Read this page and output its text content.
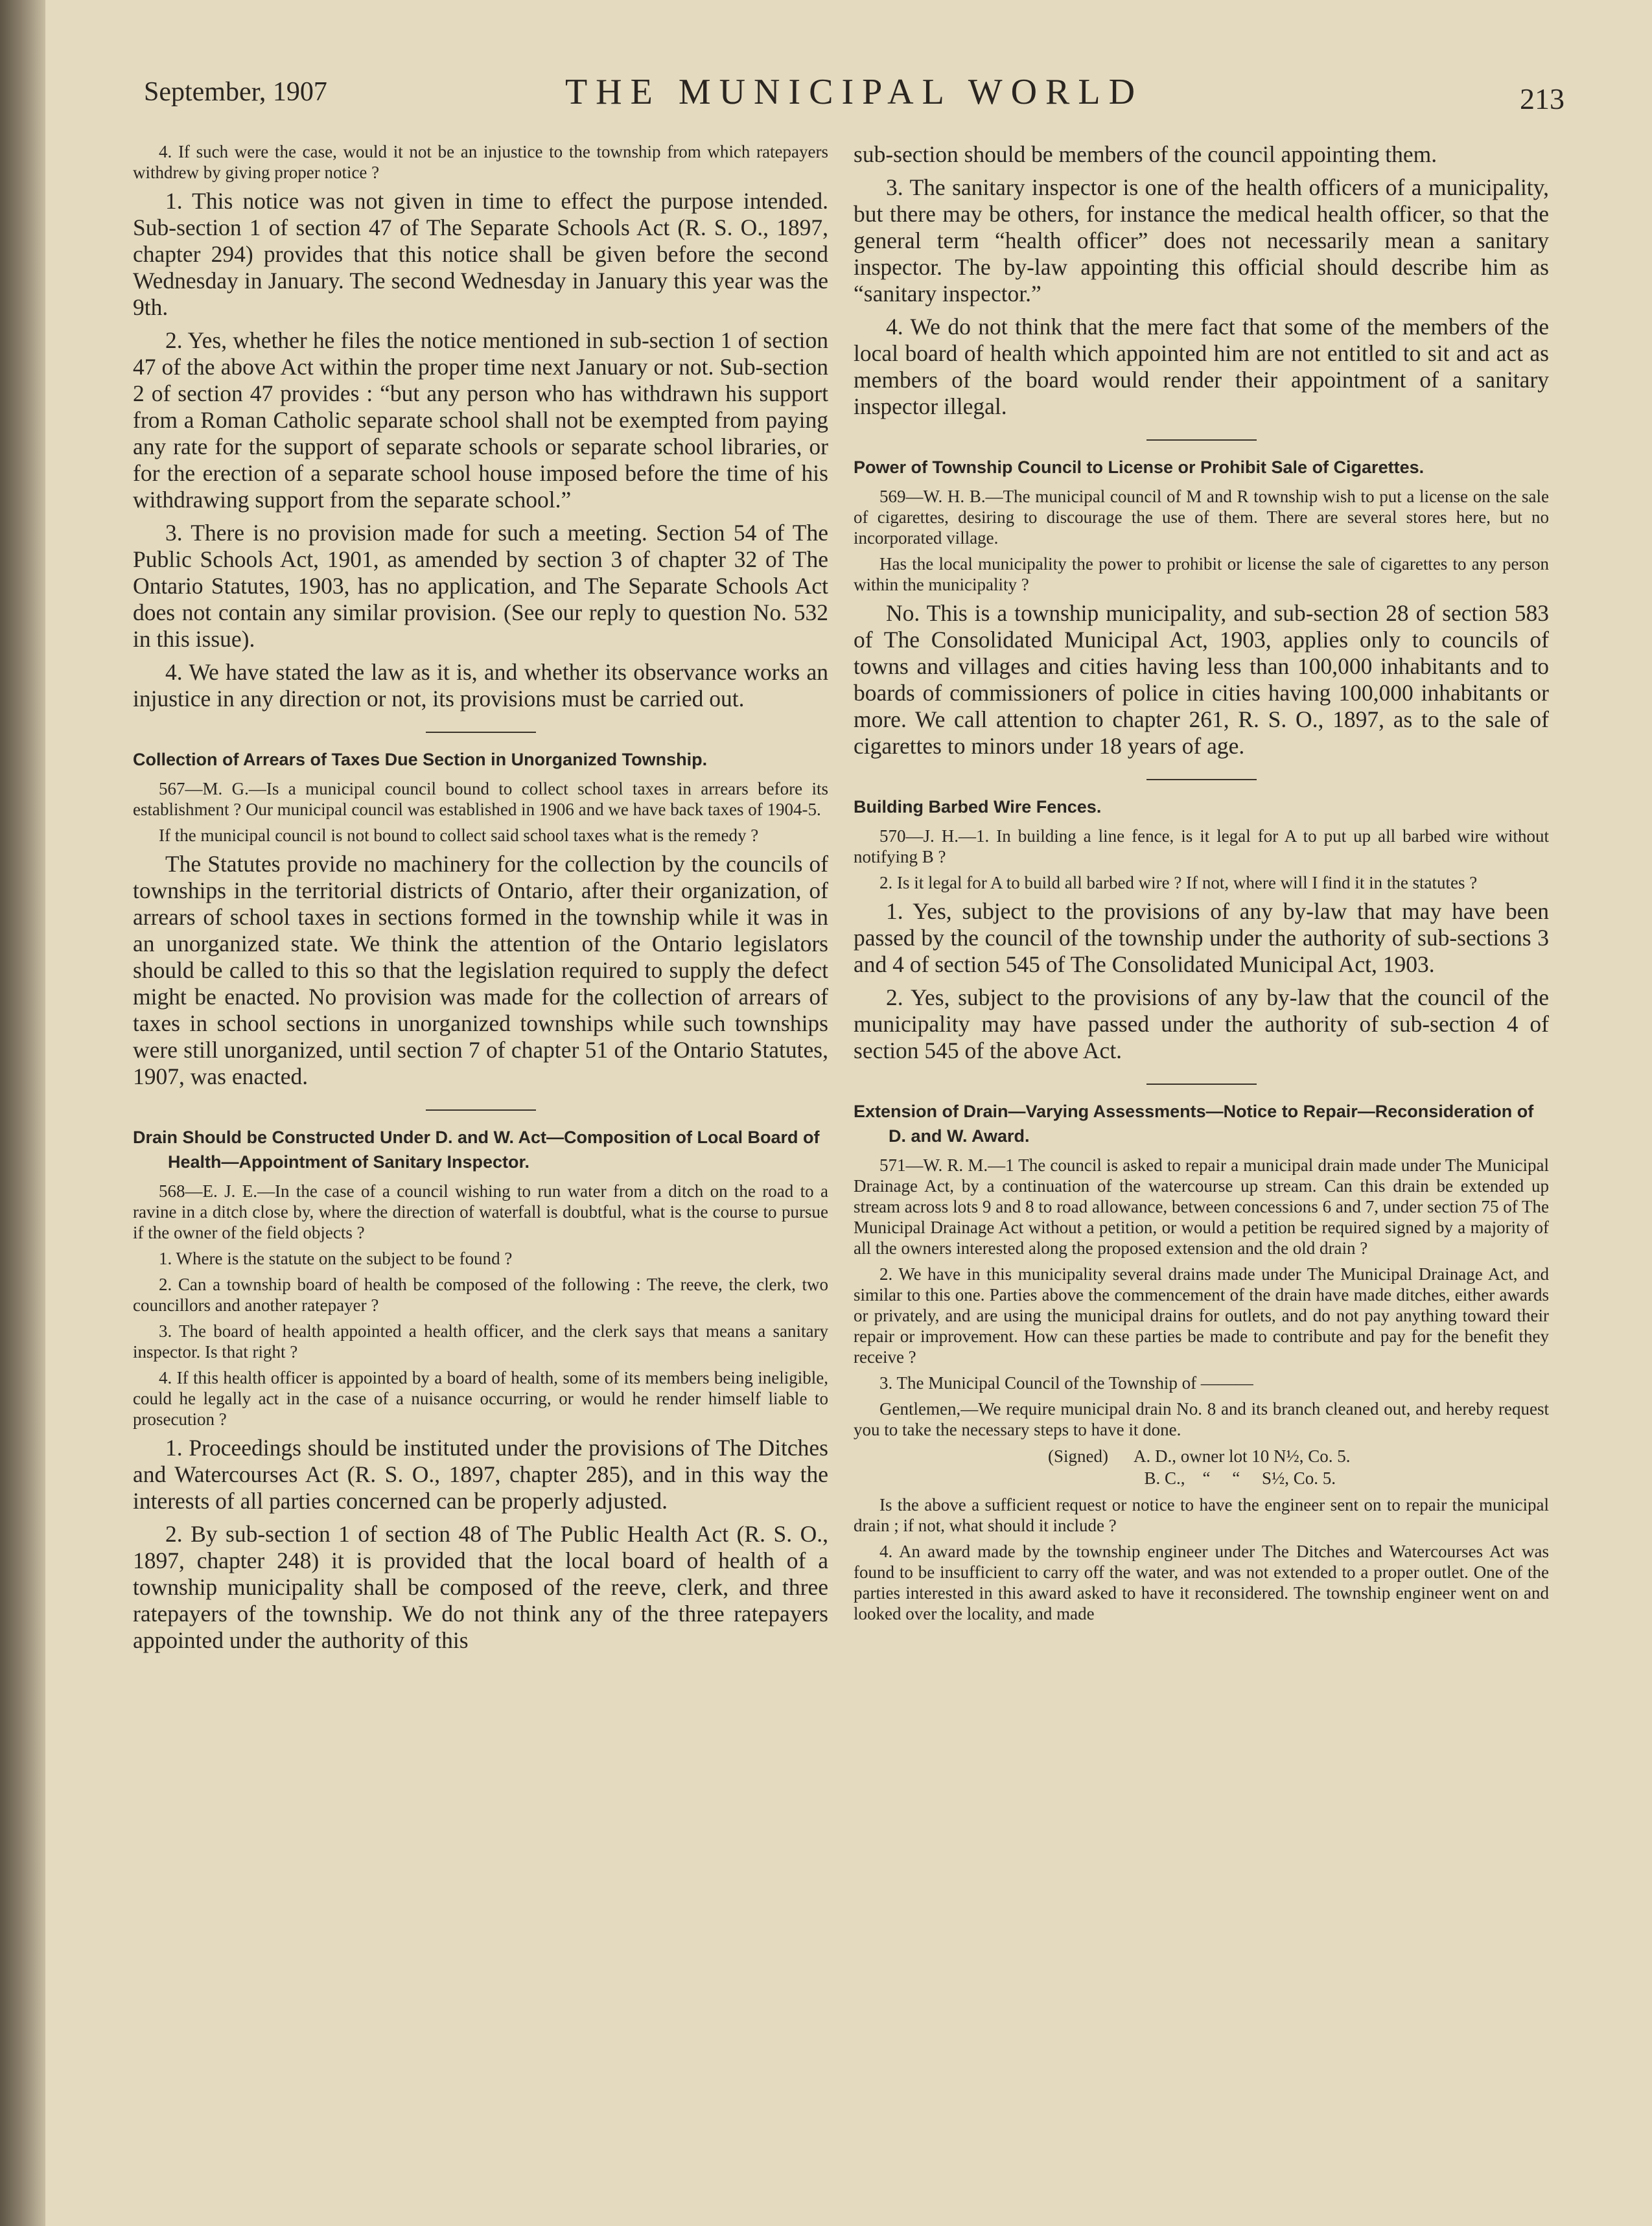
September, 1907	THE MUNICIPAL WORLD	213
4. If such were the case, would it not be an injustice to the township from which ratepayers withdrew by giving proper notice ?
1. This notice was not given in time to effect the purpose intended. Sub-section 1 of section 47 of The Separate Schools Act (R. S. O., 1897, chapter 294) provides that this notice shall be given before the second Wednesday in January. The second Wednesday in January this year was the 9th.
2. Yes, whether he files the notice mentioned in sub-section 1 of section 47 of the above Act within the proper time next January or not. Sub-section 2 of section 47 provides : “but any person who has withdrawn his support from a Roman Catholic separate school shall not be exempted from paying any rate for the support of separate schools or separate school libraries, or for the erection of a separate school house imposed before the time of his withdrawing support from the separate school.”
3. There is no provision made for such a meeting. Section 54 of The Public Schools Act, 1901, as amended by section 3 of chapter 32 of The Ontario Statutes, 1903, has no application, and The Separate Schools Act does not contain any similar provision. (See our reply to question No. 532 in this issue).
4. We have stated the law as it is, and whether its observance works an injustice in any direction or not, its provisions must be carried out.
Collection of Arrears of Taxes Due Section in Unorganized Township.
567—M. G.—Is a municipal council bound to collect school taxes in arrears before its establishment ? Our municipal council was established in 1906 and we have back taxes of 1904-5.
If the municipal council is not bound to collect said school taxes what is the remedy ?
The Statutes provide no machinery for the collection by the councils of townships in the territorial districts of Ontario, after their organization, of arrears of school taxes in sections formed in the township while it was in an unorganized state. We think the attention of the Ontario legislators should be called to this so that the legislation required to supply the defect might be enacted. No provision was made for the collection of arrears of taxes in school sections in unorganized townships while such townships were still unorganized, until section 7 of chapter 51 of the Ontario Statutes, 1907, was enacted.
Drain Should be Constructed Under D. and W. Act—Composition of Local Board of Health—Appointment of Sanitary Inspector.
568—E. J. E.—In the case of a council wishing to run water from a ditch on the road to a ravine in a ditch close by, where the direction of waterfall is doubtful, what is the course to pursue if the owner of the field objects ?
1. Where is the statute on the subject to be found ?
2. Can a township board of health be composed of the following : The reeve, the clerk, two councillors and another ratepayer ?
3. The board of health appointed a health officer, and the clerk says that means a sanitary inspector. Is that right ?
4. If this health officer is appointed by a board of health, some of its members being ineligible, could he legally act in the case of a nuisance occurring, or would he render himself liable to prosecution ?
1. Proceedings should be instituted under the provisions of The Ditches and Watercourses Act (R. S. O., 1897, chapter 285), and in this way the interests of all parties concerned can be properly adjusted.
2. By sub-section 1 of section 48 of The Public Health Act (R. S. O., 1897, chapter 248) it is provided that the local board of health of a township municipality shall be composed of the reeve, clerk, and three ratepayers of the township. We do not think any of the three ratepayers appointed under the authority of this
sub-section should be members of the council appointing them.
3. The sanitary inspector is one of the health officers of a municipality, but there may be others, for instance the medical health officer, so that the general term “health officer” does not necessarily mean a sanitary inspector. The by-law appointing this official should describe him as “sanitary inspector.”
4. We do not think that the mere fact that some of the members of the local board of health which appointed him are not entitled to sit and act as members of the board would render their appointment of a sanitary inspector illegal.
Power of Township Council to License or Prohibit Sale of Cigarettes.
569—W. H. B.—The municipal council of M and R township wish to put a license on the sale of cigarettes, desiring to discourage the use of them. There are several stores here, but no incorporated village.
Has the local municipality the power to prohibit or license the sale of cigarettes to any person within the municipality ?
No. This is a township municipality, and sub-section 28 of section 583 of The Consolidated Municipal Act, 1903, applies only to councils of towns and villages and cities having less than 100,000 inhabitants and to boards of commissioners of police in cities having 100,000 inhabitants or more. We call attention to chapter 261, R. S. O., 1897, as to the sale of cigarettes to minors under 18 years of age.
Building Barbed Wire Fences.
570—J. H.—1. In building a line fence, is it legal for A to put up all barbed wire without notifying B ?
2. Is it legal for A to build all barbed wire ? If not, where will I find it in the statutes ?
1. Yes, subject to the provisions of any by-law that may have been passed by the council of the township under the authority of sub-sections 3 and 4 of section 545 of The Consolidated Municipal Act, 1903.
2. Yes, subject to the provisions of any by-law that the council of the municipality may have passed under the authority of sub-section 4 of section 545 of the above Act.
Extension of Drain—Varying Assessments—Notice to Repair—Reconsideration of D. and W. Award.
571—W. R. M.—1 The council is asked to repair a municipal drain made under The Municipal Drainage Act, by a continuation of the watercourse up stream. Can this drain be extended up stream across lots 9 and 8 to road allowance, between concessions 6 and 7, under section 75 of The Municipal Drainage Act without a petition, or would a petition be required signed by a majority of all the owners interested along the proposed extension and the old drain ?
2. We have in this municipality several drains made under The Municipal Drainage Act, and similar to this one. Parties above the commencement of the drain have made ditches, either awards or privately, and are using the municipal drains for outlets, and do not pay anything toward their repair or improvement. How can these parties be made to contribute and pay for the benefit they receive ?
3. The Municipal Council of the Township of ———
Gentlemen,—We require municipal drain No. 8 and its branch cleaned out, and hereby request you to take the necessary steps to have it done.
(Signed)      A. D., owner lot 10 N½, Co. 5.
B. C.,    “     “     S½, Co. 5.
Is the above a sufficient request or notice to have the engineer sent on to repair the municipal drain ; if not, what should it include ?
4. An award made by the township engineer under The Ditches and Watercourses Act was found to be insufficient to carry off the water, and was not extended to a proper outlet. One of the parties interested in this award asked to have it reconsidered. The township engineer went on and looked over the locality, and made
